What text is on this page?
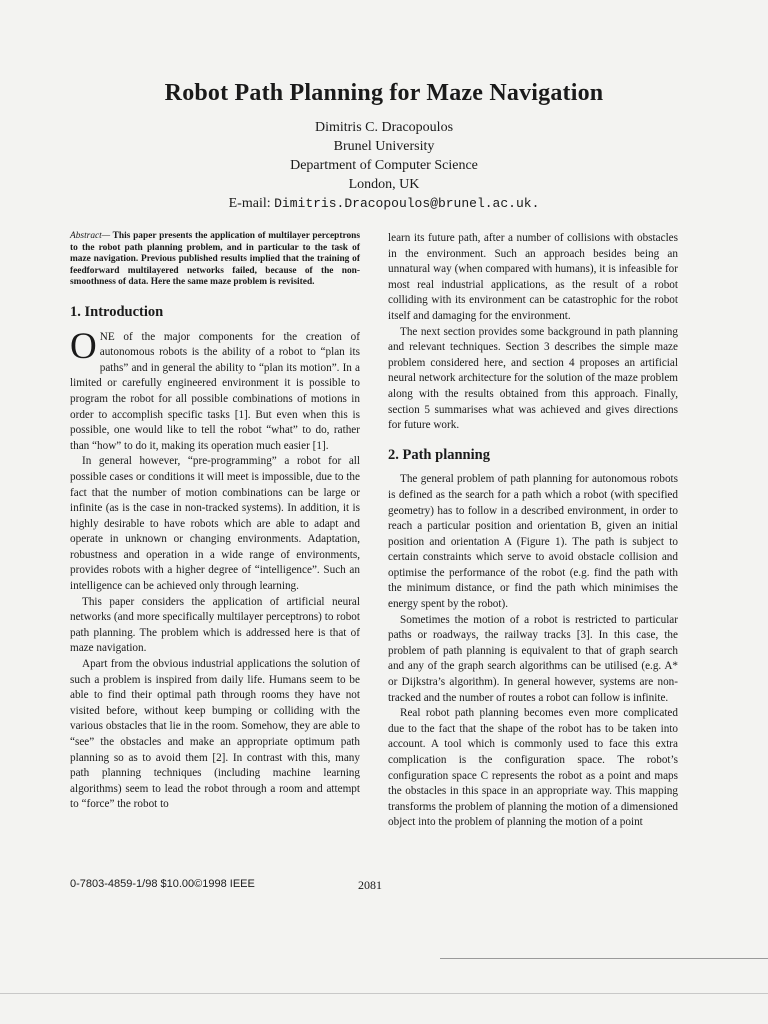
Robot Path Planning for Maze Navigation
Dimitris C. Dracopoulos
Brunel University
Department of Computer Science
London, UK
E-mail: Dimitris.Dracopoulos@brunel.ac.uk.
Abstract— This paper presents the application of multilayer perceptrons to the robot path planning problem, and in particular to the task of maze navigation. Previous published results implied that the training of feedforward multilayered networks failed, because of the non-smoothness of data. Here the same maze problem is revisited.
1. Introduction

ONE of the major components for the creation of autonomous robots is the ability of a robot to “plan its paths” and in general the ability to “plan its motion”. In a limited or carefully engineered environment it is possible to program the robot for all possible combinations of motions in order to accomplish specific tasks [1]. But even when this is possible, one would like to tell the robot “what” to do, rather than “how” to do it, making its operation much easier [1].

In general however, “pre-programming” a robot for all possible cases or conditions it will meet is impossible, due to the fact that the number of motion combinations can be large or infinite (as is the case in non-tracked systems). In addition, it is highly desirable to have robots which are able to adapt and operate in unknown or changing environments. Adaptation, robustness and operation in a wide range of environments, provides robots with a higher degree of “intelligence”. Such an intelligence can be achieved only through learning.

This paper considers the application of artificial neural networks (and more specifically multilayer perceptrons) to robot path planning. The problem which is addressed here is that of maze navigation.

Apart from the obvious industrial applications the solution of such a problem is inspired from daily life. Humans seem to be able to find their optimal path through rooms they have not visited before, without keep bumping or colliding with the various obstacles that lie in the room. Somehow, they are able to “see” the obstacles and make an appropriate optimum path planning so as to avoid them [2]. In contrast with this, many path planning techniques (including machine learning algorithms) seem to lead the robot through a room and attempt to “force” the robot to

learn its future path, after a number of collisions with obstacles in the environment. Such an approach besides being an unnatural way (when compared with humans), it is infeasible for most real industrial applications, as the result of a robot colliding with its environment can be catastrophic for the robot itself and damaging for the environment.

The next section provides some background in path planning and relevant techniques. Section 3 describes the simple maze problem considered here, and section 4 proposes an artificial neural network architecture for the solution of the maze problem along with the results obtained from this approach. Finally, section 5 summarises what was achieved and gives directions for future work.

2. Path planning

The general problem of path planning for autonomous robots is defined as the search for a path which a robot (with specified geometry) has to follow in a described environment, in order to reach a particular position and orientation B, given an initial position and orientation A (Figure 1). The path is subject to certain constraints which serve to avoid obstacle collision and optimise the performance of the robot (e.g. find the path with the minimum distance, or find the path which minimises the energy spent by the robot).

Sometimes the motion of a robot is restricted to particular paths or roadways, the railway tracks [3]. In this case, the problem of path planning is equivalent to that of graph search and any of the graph search algorithms can be utilised (e.g. A* or Dijkstra’s algorithm). In general however, systems are non-tracked and the number of routes a robot can follow is infinite.

Real robot path planning becomes even more complicated due to the fact that the shape of the robot has to be taken into account. A tool which is commonly used to face this extra complication is the configuration space. The robot’s configuration space C represents the robot as a point and maps the obstacles in this space in an appropriate way. This mapping transforms the problem of planning the motion of a dimensioned object into the problem of planning the motion of a point

0-7803-4859-1/98 $10.00©1998 IEEE	2081
